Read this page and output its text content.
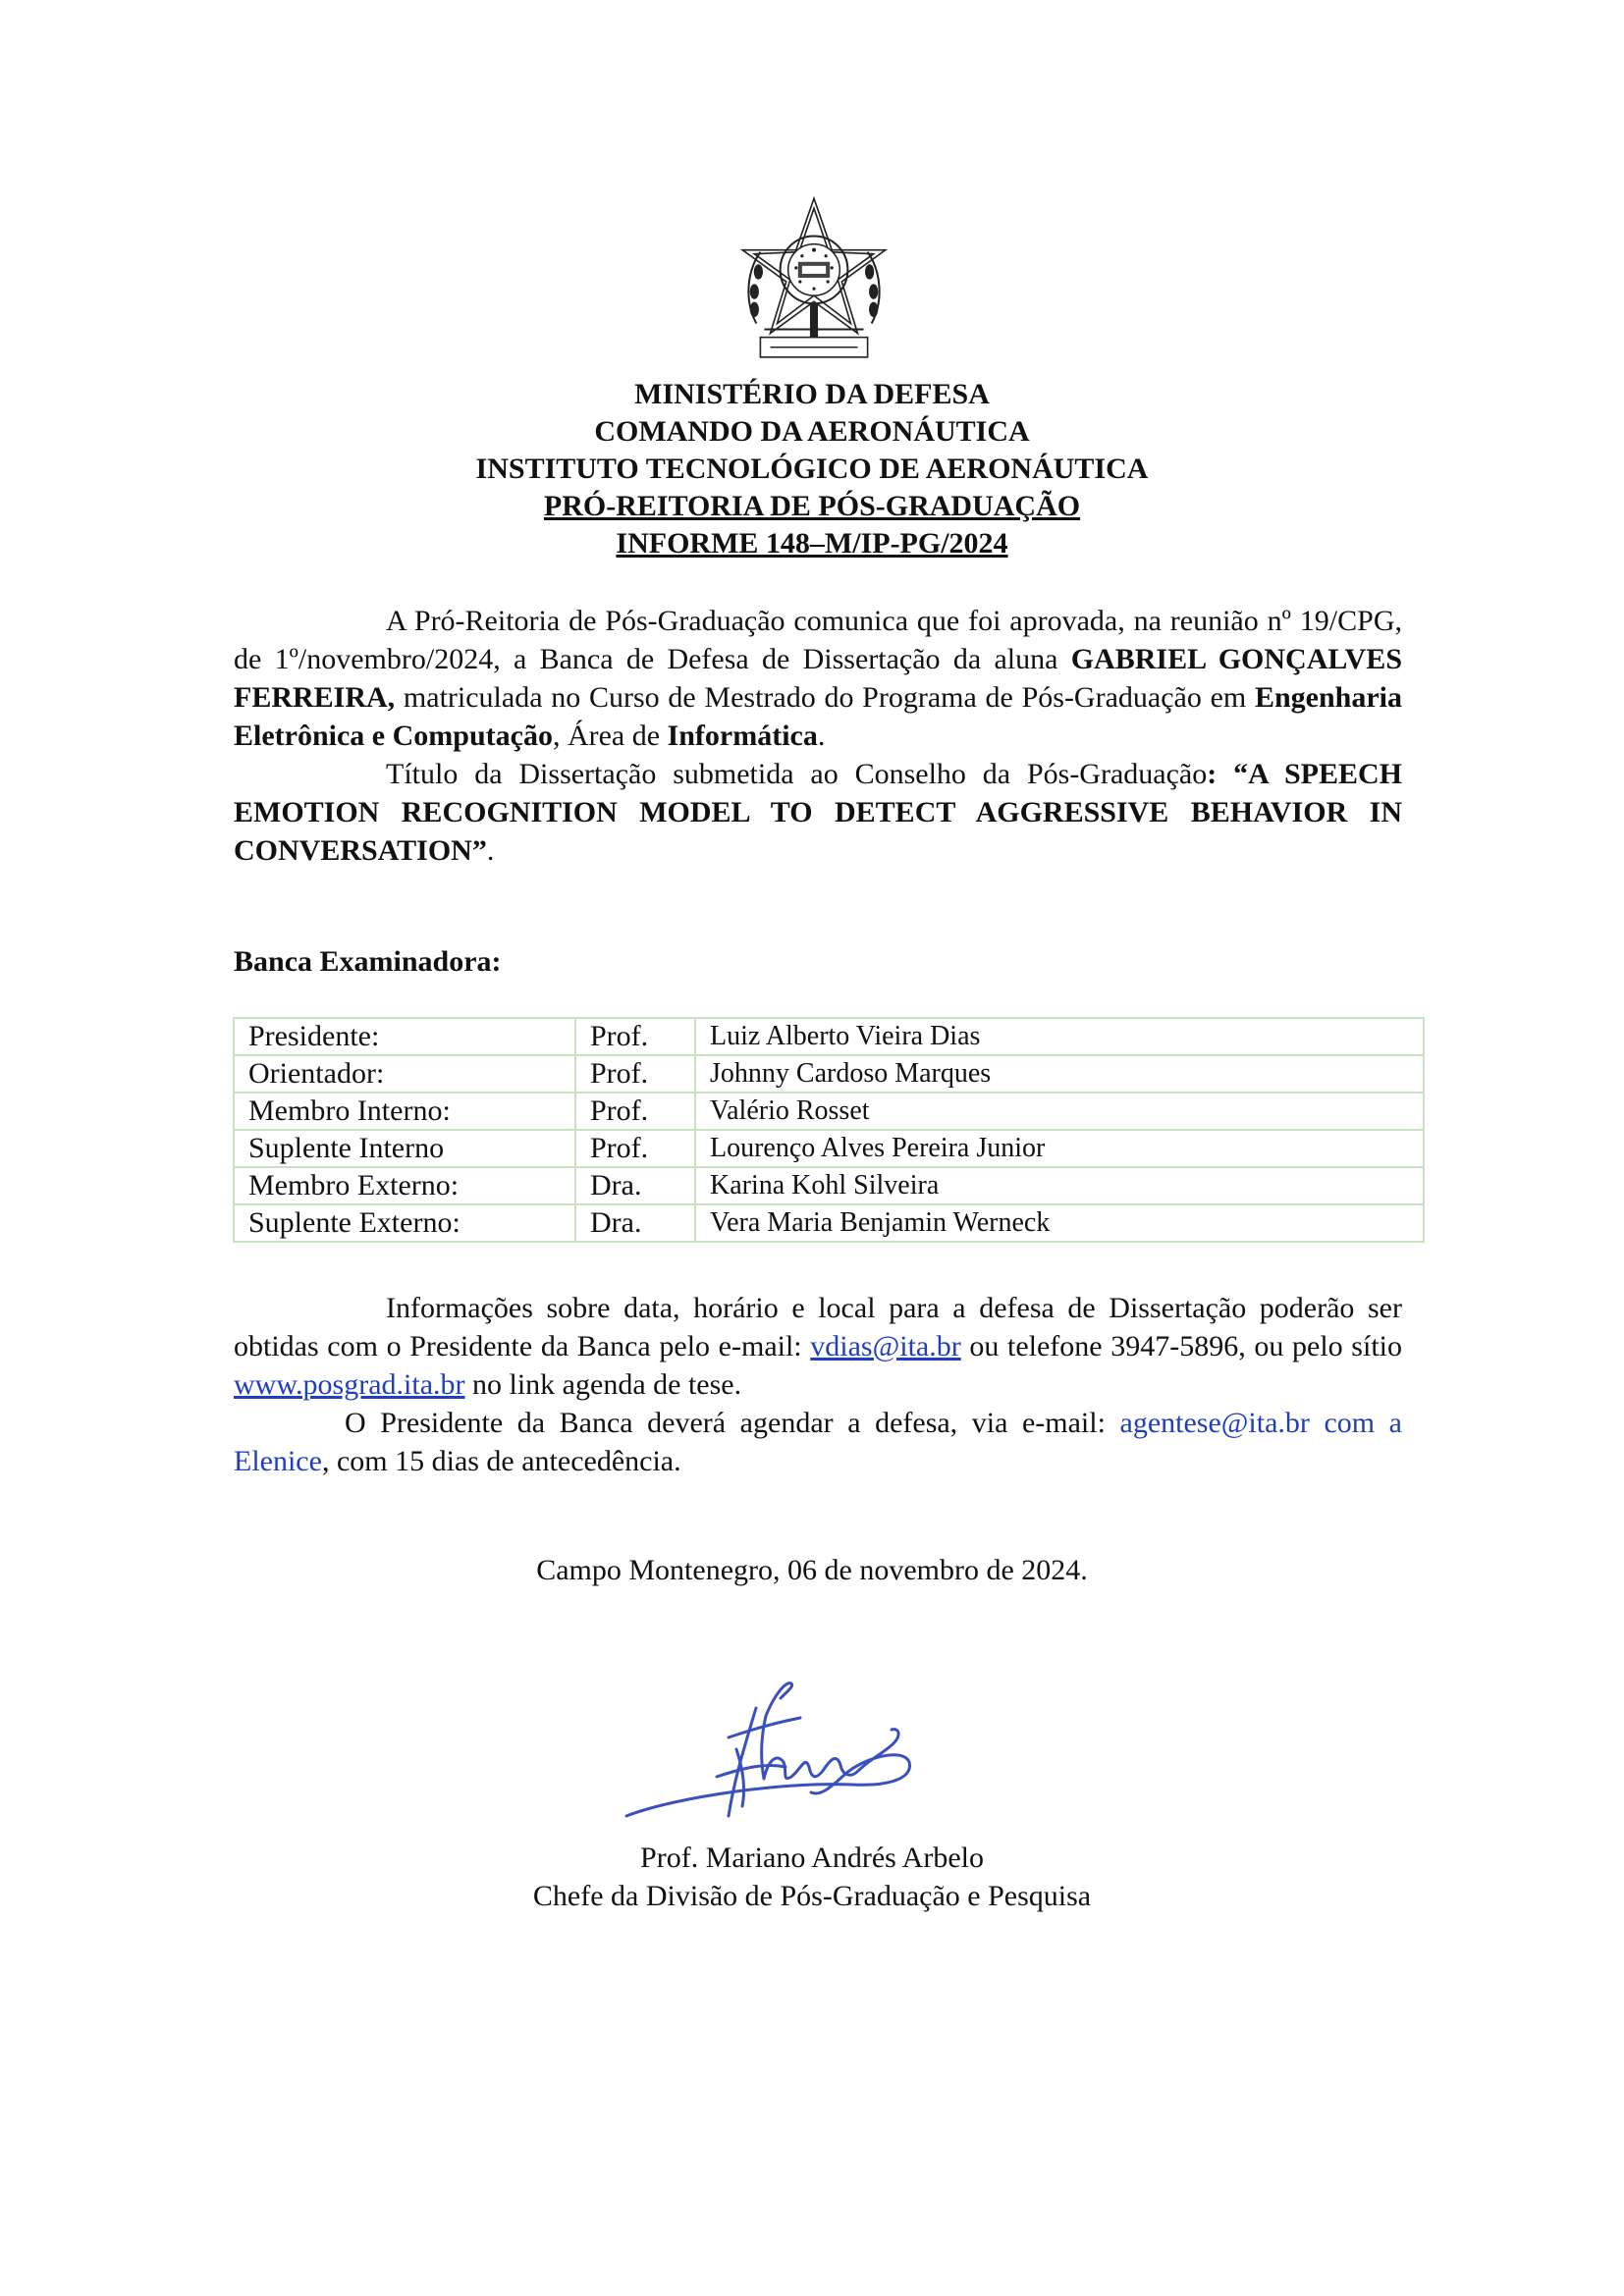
MINISTÉRIO DA DEFESA
COMANDO DA AERONÁUTICA
INSTITUTO TECNOLÓGICO DE AERONÁUTICA
PRÓ-REITORIA DE PÓS-GRADUAÇÃO
INFORME 148–M/IP-PG/2024
A Pró-Reitoria de Pós-Graduação comunica que foi aprovada, na reunião nº 19/CPG, de 1º/novembro/2024, a Banca de Defesa de Dissertação da aluna GABRIEL GONÇALVES FERREIRA, matriculada no Curso de Mestrado do Programa de Pós-Graduação em Engenharia Eletrônica e Computação, Área de Informática.
Título da Dissertação submetida ao Conselho da Pós-Graduação: “A SPEECH EMOTION RECOGNITION MODEL TO DETECT AGGRESSIVE BEHAVIOR IN CONVERSATION”.
Banca Examinadora:
Presidente:	Prof.	Luiz Alberto Vieira Dias
Orientador:	Prof.	Johnny Cardoso Marques
Membro Interno:	Prof.	Valério Rosset
Suplente Interno	Prof.	Lourenço Alves Pereira Junior
Membro Externo:	Dra.	Karina Kohl Silveira
Suplente Externo:	Dra.	Vera Maria Benjamin Werneck
Informações sobre data, horário e local para a defesa de Dissertação poderão ser obtidas com o Presidente da Banca pelo e-mail: vdias@ita.br ou telefone 3947-5896, ou pelo sítio www.posgrad.ita.br no link agenda de tese.
O Presidente da Banca deverá agendar a defesa, via e-mail: agentese@ita.br com a Elenice, com 15 dias de antecedência.
Campo Montenegro, 06 de novembro de 2024.
Prof. Mariano Andrés Arbelo
Chefe da Divisão de Pós-Graduação e Pesquisa
